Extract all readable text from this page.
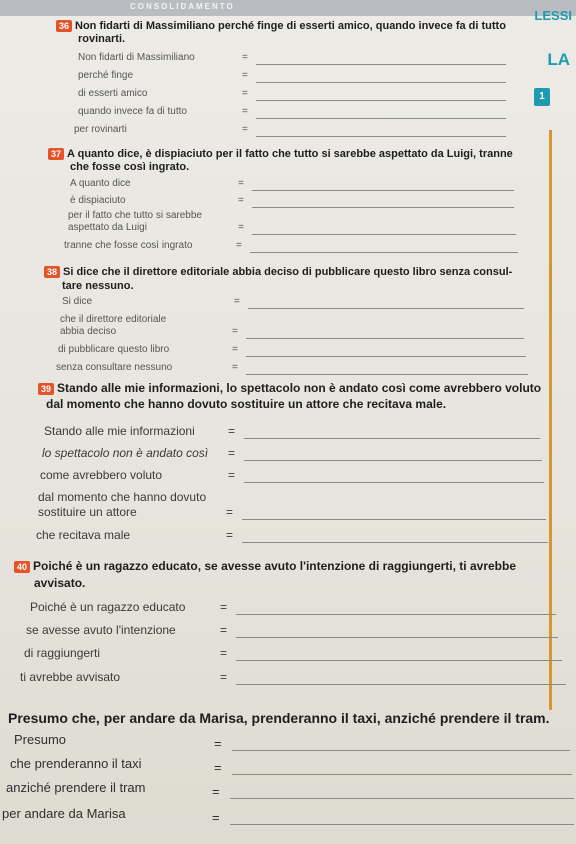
CONSOLIDAMENTO
LESSI
LA
1
36 Non fidarti di Massimiliano perché finge di esserti amico, quando invece fa di tutto
rovinarti.
Non fidarti di Massimiliano	=
perché finge	=
di esserti amico	=
quando invece fa di tutto	=
per rovinarti	=
37 A quanto dice, è dispiaciuto per il fatto che tutto si sarebbe aspettato da Luigi, tranne
che fosse così ingrato.
A quanto dice	=
è dispiaciuto	=
per il fatto che tutto si sarebbe
aspettato da Luigi	=
tranne che fosse così ingrato	=
38 Si dice che il direttore editoriale abbia deciso di pubblicare questo libro senza consul-
tare nessuno.
Si dice	=
che il direttore editoriale
abbia deciso	=
di pubblicare questo libro	=
senza consultare nessuno	=
39 Stando alle mie informazioni, lo spettacolo non è andato così come avrebbero voluto
dal momento che hanno dovuto sostituire un attore che recitava male.
Stando alle mie informazioni	=
lo spettacolo non è andato così =
come avrebbero voluto	=
dal momento che hanno dovuto
sostituire un attore	=
che recitava male	=
40 Poiché è un ragazzo educato, se avesse avuto l'intenzione di raggiungerti, ti avrebbe
avvisato.
Poiché è un ragazzo educato	=
se avesse avuto l'intenzione	=
di raggiungerti	=
ti avrebbe avvisato	=
Presumo che, per andare da Marisa, prenderanno il taxi, anziché prendere il tram.
Presumo	=
che prenderanno il taxi	=
anziché prendere il tram	=
per andare da Marisa	=
